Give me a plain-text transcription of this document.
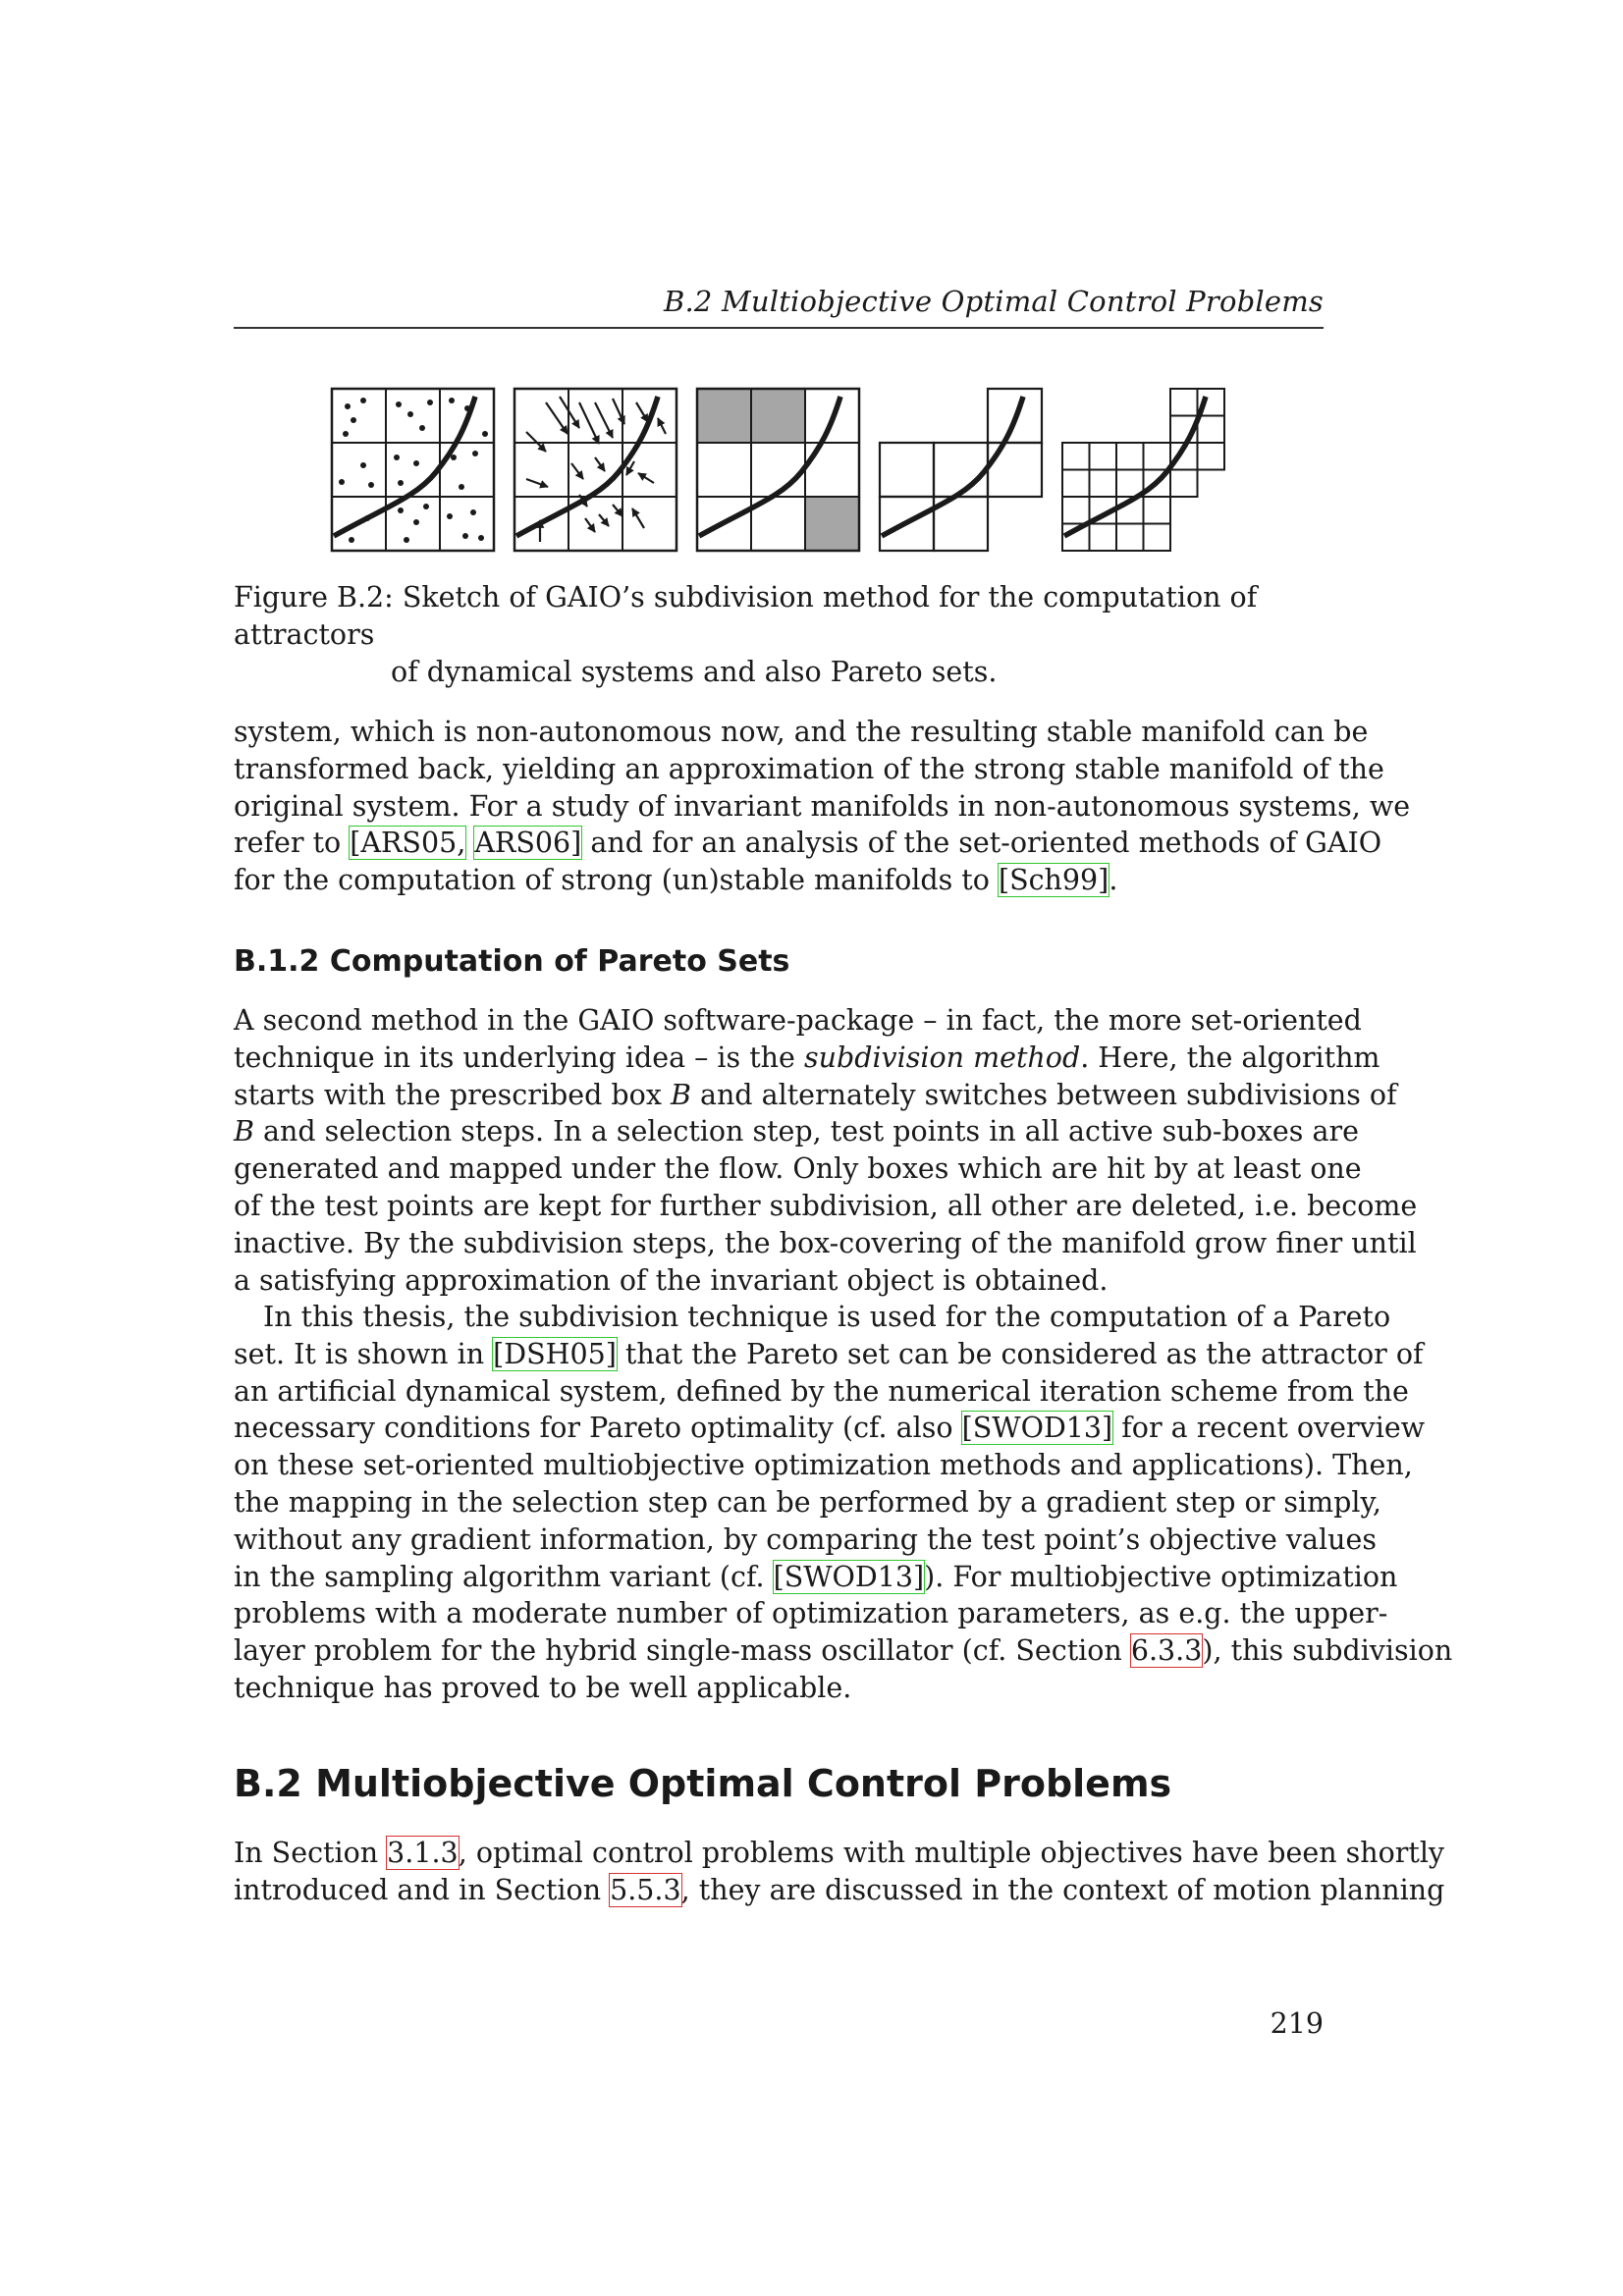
B.2 Multiobjective Optimal Control Problems
Figure B.2: Sketch of GAIO’s subdivision method for the computation of attractors
of dynamical systems and also Pareto sets.
system, which is non-autonomous now, and the resulting stable manifold can be
transformed back, yielding an approximation of the strong stable manifold of the
original system. For a study of invariant manifolds in non-autonomous systems, we
refer to [ARS05, ARS06] and for an analysis of the set-oriented methods of GAIO
for the computation of strong (un)stable manifolds to [Sch99].
B.1.2 Computation of Pareto Sets
A second method in the GAIO software-package – in fact, the more set-oriented
technique in its underlying idea – is the subdivision method. Here, the algorithm
starts with the prescribed box B and alternately switches between subdivisions of
B and selection steps. In a selection step, test points in all active sub-boxes are
generated and mapped under the flow. Only boxes which are hit by at least one
of the test points are kept for further subdivision, all other are deleted, i.e. become
inactive. By the subdivision steps, the box-covering of the manifold grow finer until
a satisfying approximation of the invariant object is obtained.
In this thesis, the subdivision technique is used for the computation of a Pareto
set. It is shown in [DSH05] that the Pareto set can be considered as the attractor of
an artificial dynamical system, defined by the numerical iteration scheme from the
necessary conditions for Pareto optimality (cf. also [SWOD13] for a recent overview
on these set-oriented multiobjective optimization methods and applications). Then,
the mapping in the selection step can be performed by a gradient step or simply,
without any gradient information, by comparing the test point’s objective values
in the sampling algorithm variant (cf. [SWOD13]). For multiobjective optimization
problems with a moderate number of optimization parameters, as e.g. the upper-
layer problem for the hybrid single-mass oscillator (cf. Section 6.3.3), this subdivision
technique has proved to be well applicable.
B.2 Multiobjective Optimal Control Problems
In Section 3.1.3, optimal control problems with multiple objectives have been shortly
introduced and in Section 5.5.3, they are discussed in the context of motion planning
219
